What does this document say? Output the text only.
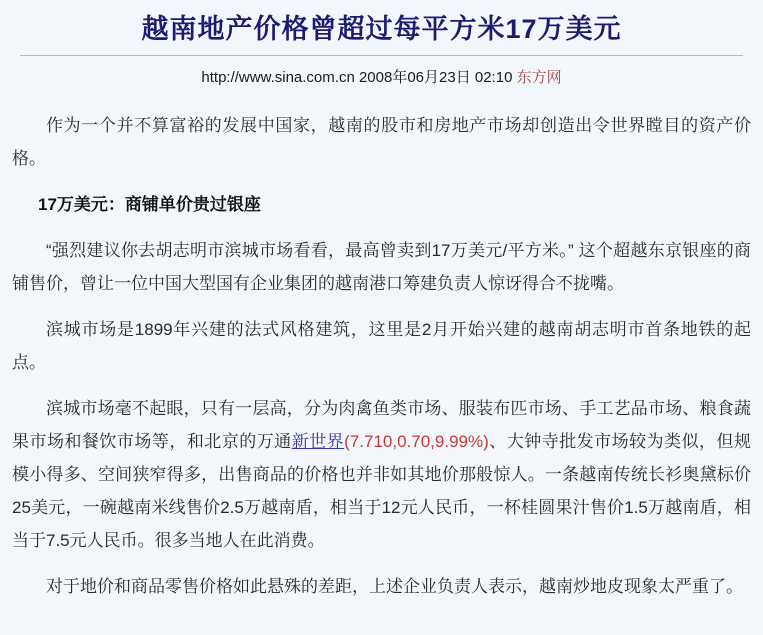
越南地产价格曾超过每平方米17万美元
http://www.sina.com.cn 2008年06月23日 02:10 东方网

作为一个并不算富裕的发展中国家，越南的股市和房地产市场却创造出令世界瞠目的资产价格。

17万美元：商铺单价贵过银座

“强烈建议你去胡志明市滨城市场看看，最高曾卖到17万美元/平方米。” 这个超越东京银座的商铺售价，曾让一位中国大型国有企业集团的越南港口筹建负责人惊讶得合不拢嘴。

滨城市场是1899年兴建的法式风格建筑，这里是2月开始兴建的越南胡志明市首条地铁的起点。

滨城市场毫不起眼，只有一层高，分为肉禽鱼类市场、服装布匹市场、手工艺品市场、粮食蔬果市场和餐饮市场等，和北京的万通新世界(7.710,0.70,9.99%)、大钟寺批发市场较为类似，但规模小得多、空间狭窄得多，出售商品的价格也并非如其地价那般惊人。一条越南传统长衫奥黛标价25美元，一碗越南米线售价2.5万越南盾，相当于12元人民币，一杯桂圆果汁售价1.5万越南盾，相当于7.5元人民币。很多当地人在此消费。

对于地价和商品零售价格如此悬殊的差距，上述企业负责人表示，越南炒地皮现象太严重了。
